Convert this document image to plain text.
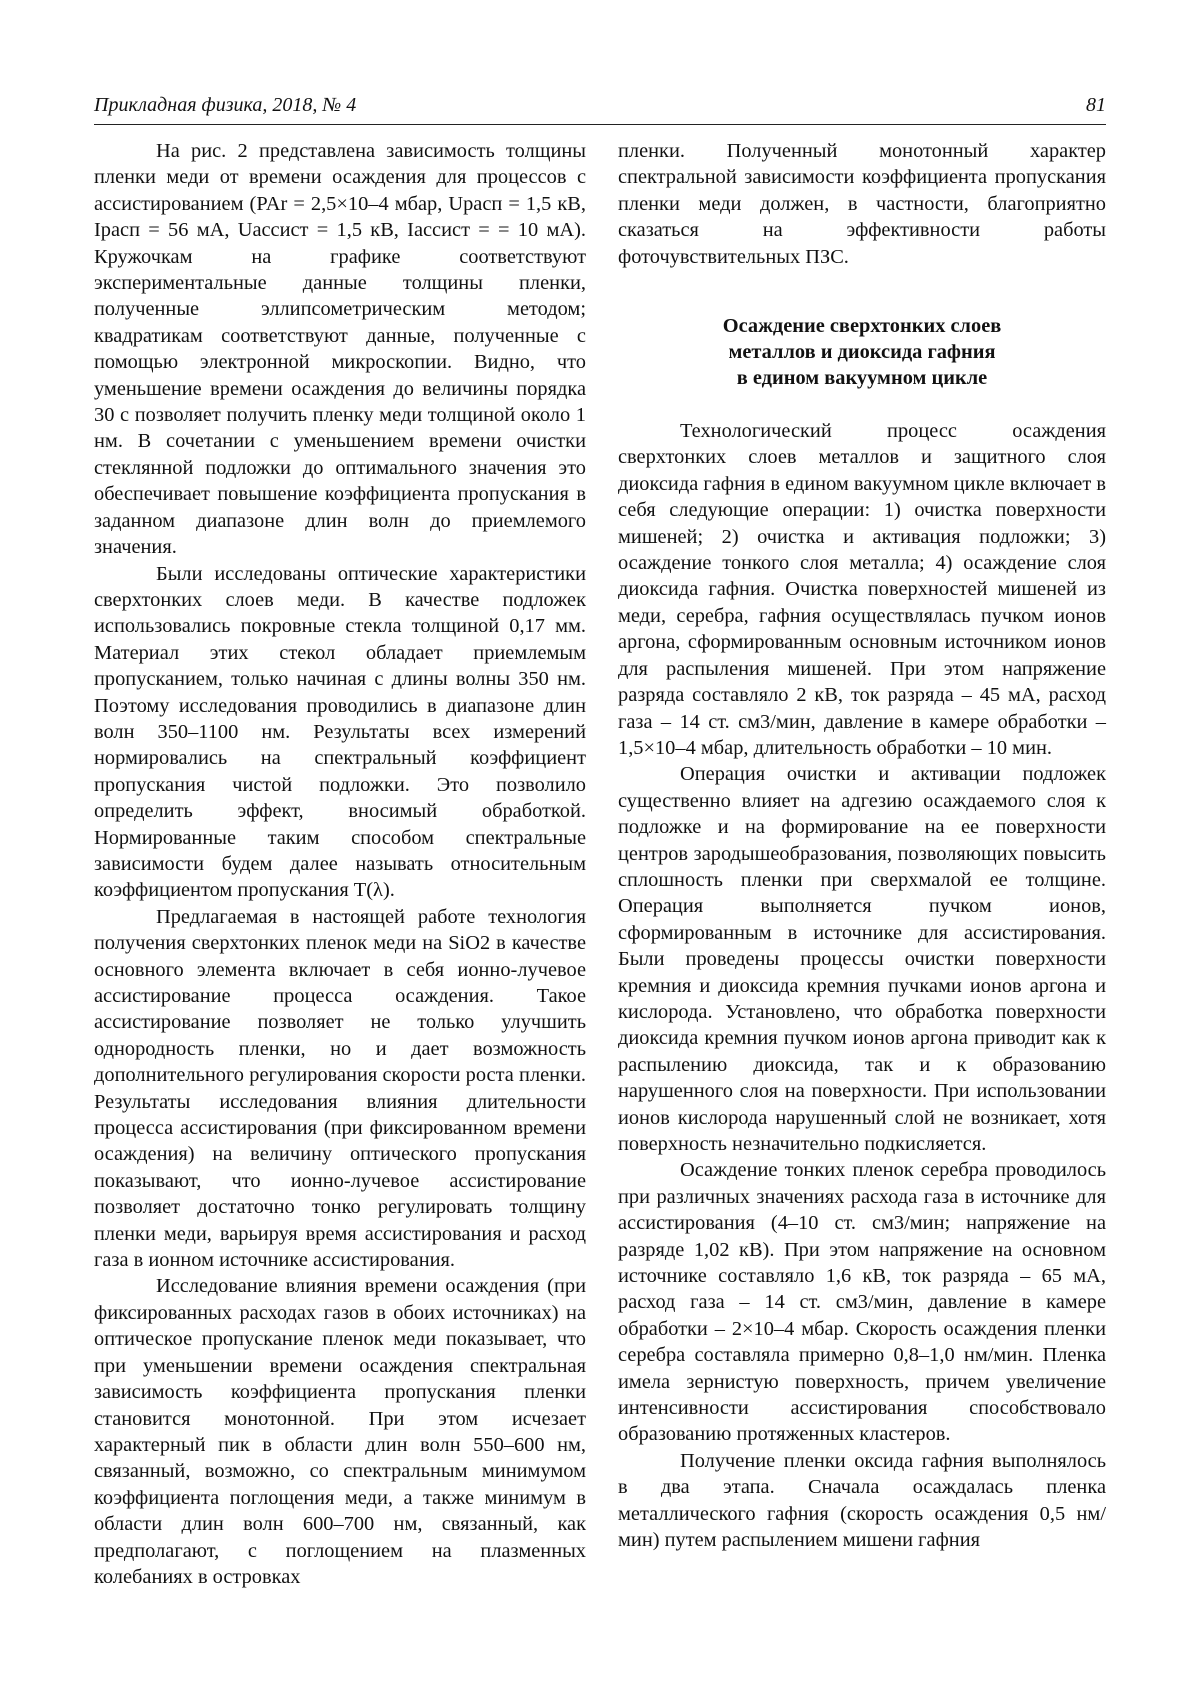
Прикладная физика, 2018, № 4	81

На рис. 2 представлена зависимость толщины пленки меди от времени осаждения для процессов с ассистированием (PAr = 2,5×10–4 мбар, Uрасп = 1,5 кВ, Iрасп = 56 мА, Uассист = 1,5 кВ, Iассист = = 10 мА). Кружочкам на графике соответствуют экспериментальные данные толщины пленки, полученные эллипсометрическим методом; квадратикам соответствуют данные, полученные с помощью электронной микроскопии. Видно, что уменьшение времени осаждения до величины порядка 30 с позволяет получить пленку меди толщиной около 1 нм. В сочетании с уменьшением времени очистки стеклянной подложки до оптимального значения это обеспечивает повышение коэффициента пропускания в заданном диапазоне длин волн до приемлемого значения.

Были исследованы оптические характеристики сверхтонких слоев меди. В качестве подложек использовались покровные стекла толщиной 0,17 мм. Материал этих стекол обладает приемлемым пропусканием, только начиная с длины волны 350 нм. Поэтому исследования проводились в диапазоне длин волн 350–1100 нм. Результаты всех измерений нормировались на спектральный коэффициент пропускания чистой подложки. Это позволило определить эффект, вносимый обработкой. Нормированные таким способом спектральные зависимости будем далее называть относительным коэффициентом пропускания T(λ).

Предлагаемая в настоящей работе технология получения сверхтонких пленок меди на SiO2 в качестве основного элемента включает в себя ионно-лучевое ассистирование процесса осаждения. Такое ассистирование позволяет не только улучшить однородность пленки, но и дает возможность дополнительного регулирования скорости роста пленки. Результаты исследования влияния длительности процесса ассистирования (при фиксированном времени осаждения) на величину оптического пропускания показывают, что ионно-лучевое ассистирование позволяет достаточно тонко регулировать толщину пленки меди, варьируя время ассистирования и расход газа в ионном источнике ассистирования.

Исследование влияния времени осаждения (при фиксированных расходах газов в обоих источниках) на оптическое пропускание пленок меди показывает, что при уменьшении времени осаждения спектральная зависимость коэффициента пропускания пленки становится монотонной. При этом исчезает характерный пик в области длин волн 550–600 нм, связанный, возможно, со спектральным минимумом коэффициента поглощения меди, а также минимум в области длин волн 600–700 нм, связанный, как предполагают, с поглощением на плазменных колебаниях в островках

пленки. Полученный монотонный характер спектральной зависимости коэффициента пропускания пленки меди должен, в частности, благоприятно сказаться на эффективности работы фоточувствительных ПЗС.

Осаждение сверхтонких слоев
металлов и диоксида гафния
в едином вакуумном цикле

Технологический процесс осаждения сверхтонких слоев металлов и защитного слоя диоксида гафния в едином вакуумном цикле включает в себя следующие операции: 1) очистка поверхности мишеней; 2) очистка и активация подложки; 3) осаждение тонкого слоя металла; 4) осаждение слоя диоксида гафния. Очистка поверхностей мишеней из меди, серебра, гафния осуществлялась пучком ионов аргона, сформированным основным источником ионов для распыления мишеней. При этом напряжение разряда составляло 2 кВ, ток разряда – 45 мА, расход газа – 14 ст. см3/мин, давление в камере обработки – 1,5×10–4 мбар, длительность обработки – 10 мин.

Операция очистки и активации подложек существенно влияет на адгезию осаждаемого слоя к подложке и на формирование на ее поверхности центров зародышеобразования, позволяющих повысить сплошность пленки при сверхмалой ее толщине. Операция выполняется пучком ионов, сформированным в источнике для ассистирования. Были проведены процессы очистки поверхности кремния и диоксида кремния пучками ионов аргона и кислорода. Установлено, что обработка поверхности диоксида кремния пучком ионов аргона приводит как к распылению диоксида, так и к образованию нарушенного слоя на поверхности. При использовании ионов кислорода нарушенный слой не возникает, хотя поверхность незначительно подкисляется.

Осаждение тонких пленок серебра проводилось при различных значениях расхода газа в источнике для ассистирования (4–10 ст. см3/мин; напряжение на разряде 1,02 кВ). При этом напряжение на основном источнике составляло 1,6 кВ, ток разряда – 65 мА, расход газа – 14 ст. см3/мин, давление в камере обработки – 2×10–4 мбар. Скорость осаждения пленки серебра составляла примерно 0,8–1,0 нм/мин. Пленка имела зернистую поверхность, причем увеличение интенсивности ассистирования способствовало образованию протяженных кластеров.

Получение пленки оксида гафния выполнялось в два этапа. Сначала осаждалась пленка металлического гафния (скорость осаждения 0,5 нм/мин) путем распылением мишени гафния
